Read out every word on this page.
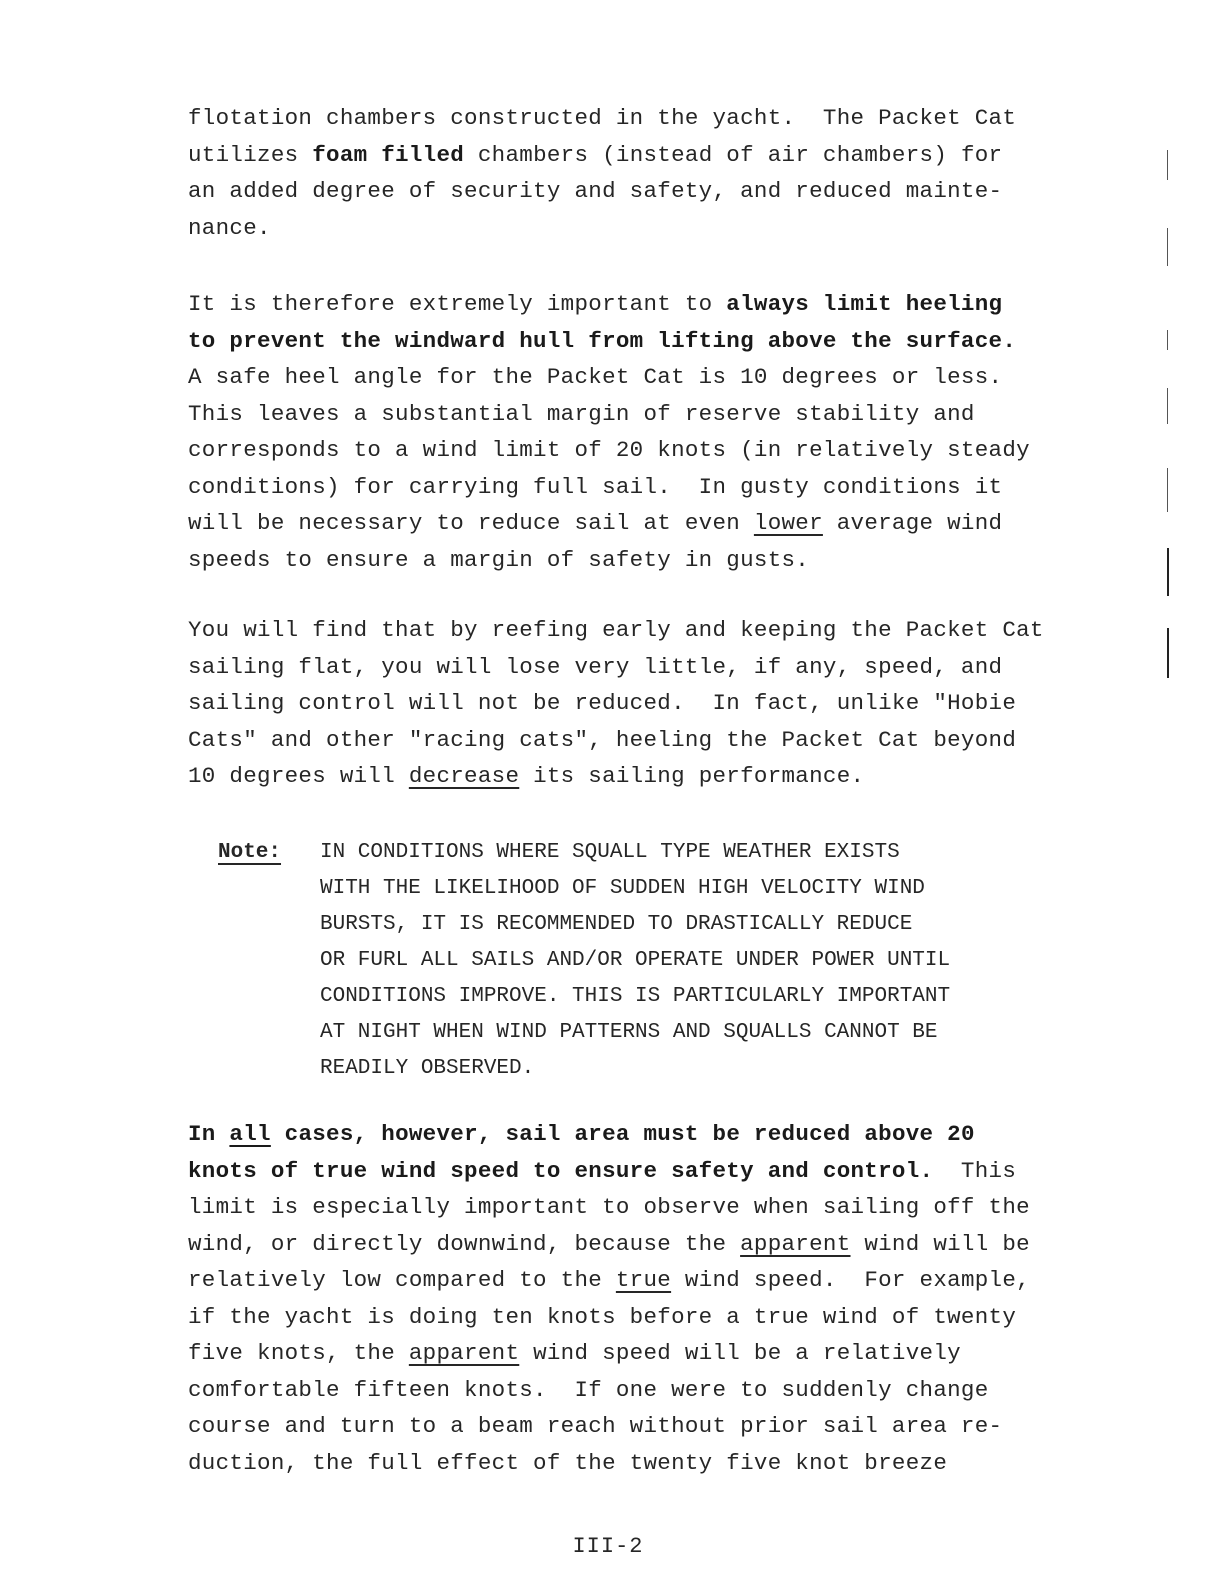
flotation chambers constructed in the yacht.  The Packet Cat
utilizes foam filled chambers (instead of air chambers) for
an added degree of security and safety, and reduced mainte-
nance.
It is therefore extremely important to always limit heeling
to prevent the windward hull from lifting above the surface.
A safe heel angle for the Packet Cat is 10 degrees or less.
This leaves a substantial margin of reserve stability and
corresponds to a wind limit of 20 knots (in relatively steady
conditions) for carrying full sail.  In gusty conditions it
will be necessary to reduce sail at even lower average wind
speeds to ensure a margin of safety in gusts.
You will find that by reefing early and keeping the Packet Cat
sailing flat, you will lose very little, if any, speed, and
sailing control will not be reduced.  In fact, unlike "Hobie
Cats" and other "racing cats", heeling the Packet Cat beyond
10 degrees will decrease its sailing performance.
Note: IN CONDITIONS WHERE SQUALL TYPE WEATHER EXISTS
WITH THE LIKELIHOOD OF SUDDEN HIGH VELOCITY WIND
BURSTS, IT IS RECOMMENDED TO DRASTICALLY REDUCE
OR FURL ALL SAILS AND/OR OPERATE UNDER POWER UNTIL
CONDITIONS IMPROVE. THIS IS PARTICULARLY IMPORTANT
AT NIGHT WHEN WIND PATTERNS AND SQUALLS CANNOT BE
READILY OBSERVED.
In all cases, however, sail area must be reduced above 20
knots of true wind speed to ensure safety and control.  This
limit is especially important to observe when sailing off the
wind, or directly downwind, because the apparent wind will be
relatively low compared to the true wind speed.  For example,
if the yacht is doing ten knots before a true wind of twenty
five knots, the apparent wind speed will be a relatively
comfortable fifteen knots.  If one were to suddenly change
course and turn to a beam reach without prior sail area re-
duction, the full effect of the twenty five knot breeze
III-2
